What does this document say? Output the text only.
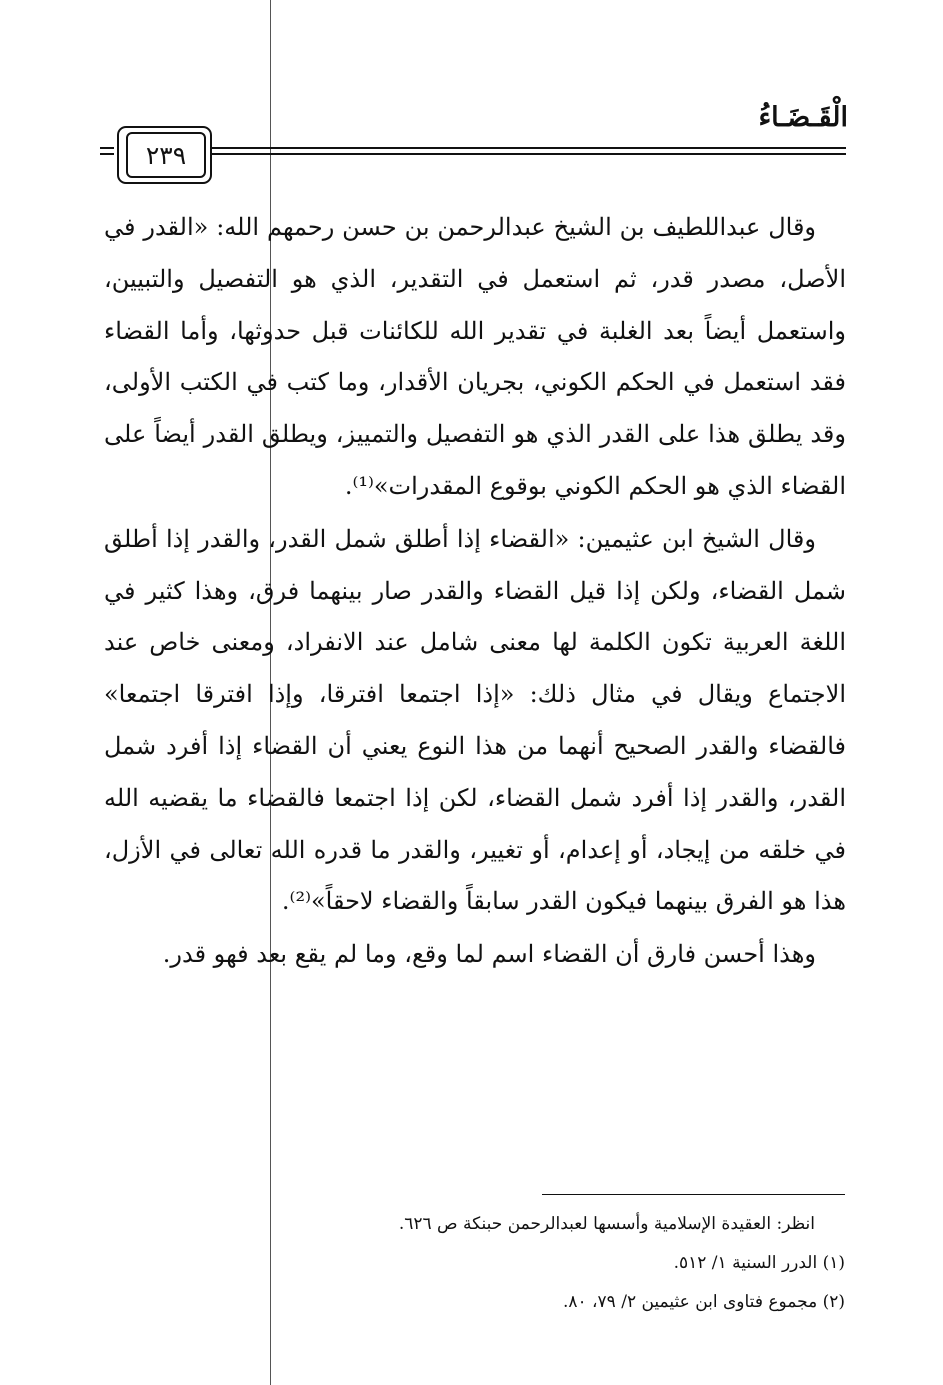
الْقَـضَـاءُ
٢٣٩

وقال عبداللطيف بن الشيخ عبدالرحمن بن حسن رحمهم الله: «القدر في الأصل، مصدر قدر، ثم استعمل في التقدير، الذي هو التفصيل والتبيين، واستعمل أيضاً بعد الغلبة في تقدير الله للكائنات قبل حدوثها، وأما القضاء فقد استعمل في الحكم الكوني، بجريان الأقدار، وما كتب في الكتب الأولى، وقد يطلق هذا على القدر الذي هو التفصيل والتمييز، ويطلق القدر أيضاً على القضاء الذي هو الحكم الكوني بوقوع المقدرات»⁽¹⁾.

وقال الشيخ ابن عثيمين: «القضاء إذا أطلق شمل القدر، والقدر إذا أطلق شمل القضاء، ولكن إذا قيل القضاء والقدر صار بينهما فرق، وهذا كثير في اللغة العربية تكون الكلمة لها معنى شامل عند الانفراد، ومعنى خاص عند الاجتماع ويقال في مثال ذلك: «إذا اجتمعا افترقا، وإذا افترقا اجتمعا» فالقضاء والقدر الصحيح أنهما من هذا النوع يعني أن القضاء إذا أفرد شمل القدر، والقدر إذا أفرد شمل القضاء، لكن إذا اجتمعا فالقضاء ما يقضيه الله في خلقه من إيجاد، أو إعدام، أو تغيير، والقدر ما قدره الله تعالى في الأزل، هذا هو الفرق بينهما فيكون القدر سابقاً والقضاء لاحقاً»⁽²⁾.

وهذا أحسن فارق أن القضاء اسم لما وقع، وما لم يقع بعد فهو قدر.

انظر: العقيدة الإسلامية وأسسها لعبدالرحمن حبنكة ص ٦٢٦.
(١) الدرر السنية ١/ ٥١٢.
(٢) مجموع فتاوى ابن عثيمين ٢/ ٧٩، ٨٠.
